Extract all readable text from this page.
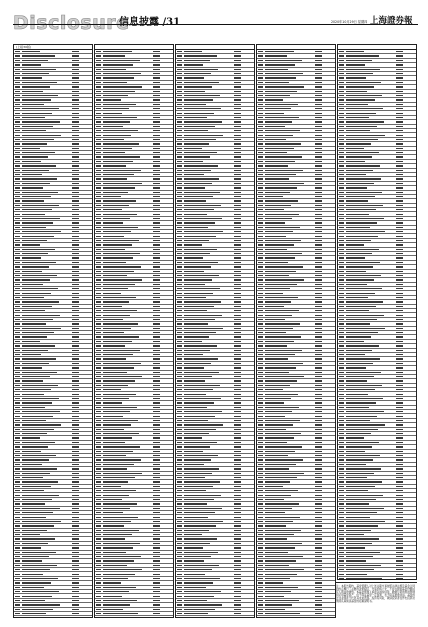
Disclosure
信息披露 /31	2020年10月29日 星期四 上海證券報
(上接30版)

注：本报告期内，基金管理人对上述关联交易按照法律法规及基金合同的约定履行了必要的决策程序，交易价格公允，不存在损害基金份额持有人利益的情形。本基金管理人承诺以诚实信用、勤勉尽责的原则管理和运用基金资产，但不保证基金一定盈利，也不保证最低收益。基金的过往业绩并不代表其未来表现。投资有风险，敬请投资者在作出投资决策前认真阅读基金的招募说明书。
